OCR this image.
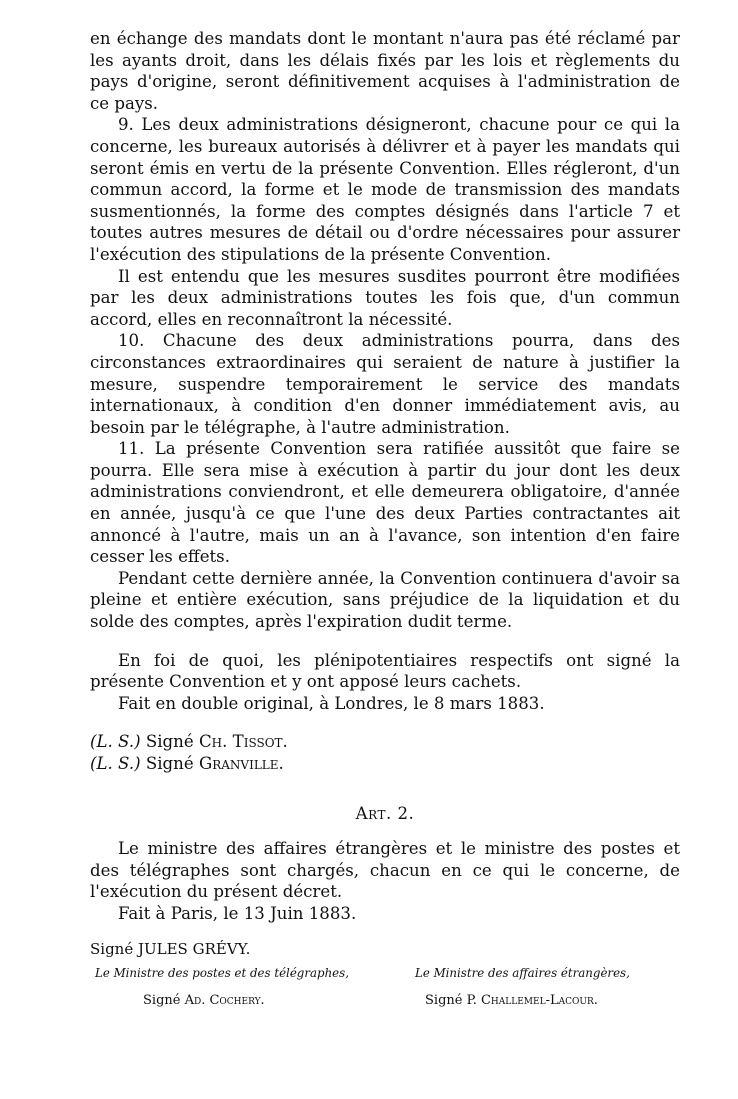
en échange des mandats dont le montant n'aura pas été réclamé par les ayants droit, dans les délais fixés par les lois et règlements du pays d'origine, seront définitivement acquises à l'administration de ce pays.

9. Les deux administrations désigneront, chacune pour ce qui la concerne, les bureaux autorisés à délivrer et à payer les mandats qui seront émis en vertu de la présente Convention. Elles régleront, d'un commun accord, la forme et le mode de transmission des mandats susmentionnés, la forme des comptes désignés dans l'article 7 et toutes autres mesures de détail ou d'ordre nécessaires pour assurer l'exécution des stipulations de la présente Convention.

Il est entendu que les mesures susdites pourront être modifiées par les deux administrations toutes les fois que, d'un commun accord, elles en reconnaîtront la nécessité.

10. Chacune des deux administrations pourra, dans des circonstances extraordinaires qui seraient de nature à justifier la mesure, suspendre temporairement le service des mandats internationaux, à condition d'en donner immédiatement avis, au besoin par le télégraphe, à l'autre administration.

11. La présente Convention sera ratifiée aussitôt que faire se pourra. Elle sera mise à exécution à partir du jour dont les deux administrations conviendront, et elle demeurera obligatoire, d'année en année, jusqu'à ce que l'une des deux Parties contractantes ait annoncé à l'autre, mais un an à l'avance, son intention d'en faire cesser les effets.

Pendant cette dernière année, la Convention continuera d'avoir sa pleine et entière exécution, sans préjudice de la liquidation et du solde des comptes, après l'expiration dudit terme.

En foi de quoi, les plénipotentiaires respectifs ont signé la présente Convention et y ont apposé leurs cachets.

Fait en double original, à Londres, le 8 mars 1883.

(L. S.) Signé Ch. Tissot.

(L. S.) Signé Granville.

Art. 2.

Le ministre des affaires étrangères et le ministre des postes et des télégraphes sont chargés, chacun en ce qui le concerne, de l'exécution du présent décret.

Fait à Paris, le 13 Juin 1883.

Signé JULES GRÉVY.

Le Ministre des postes et des télégraphes,
Signé Ad. Cochery.
Le Ministre des affaires étrangères,
Signé P. Challemel-Lacour.
